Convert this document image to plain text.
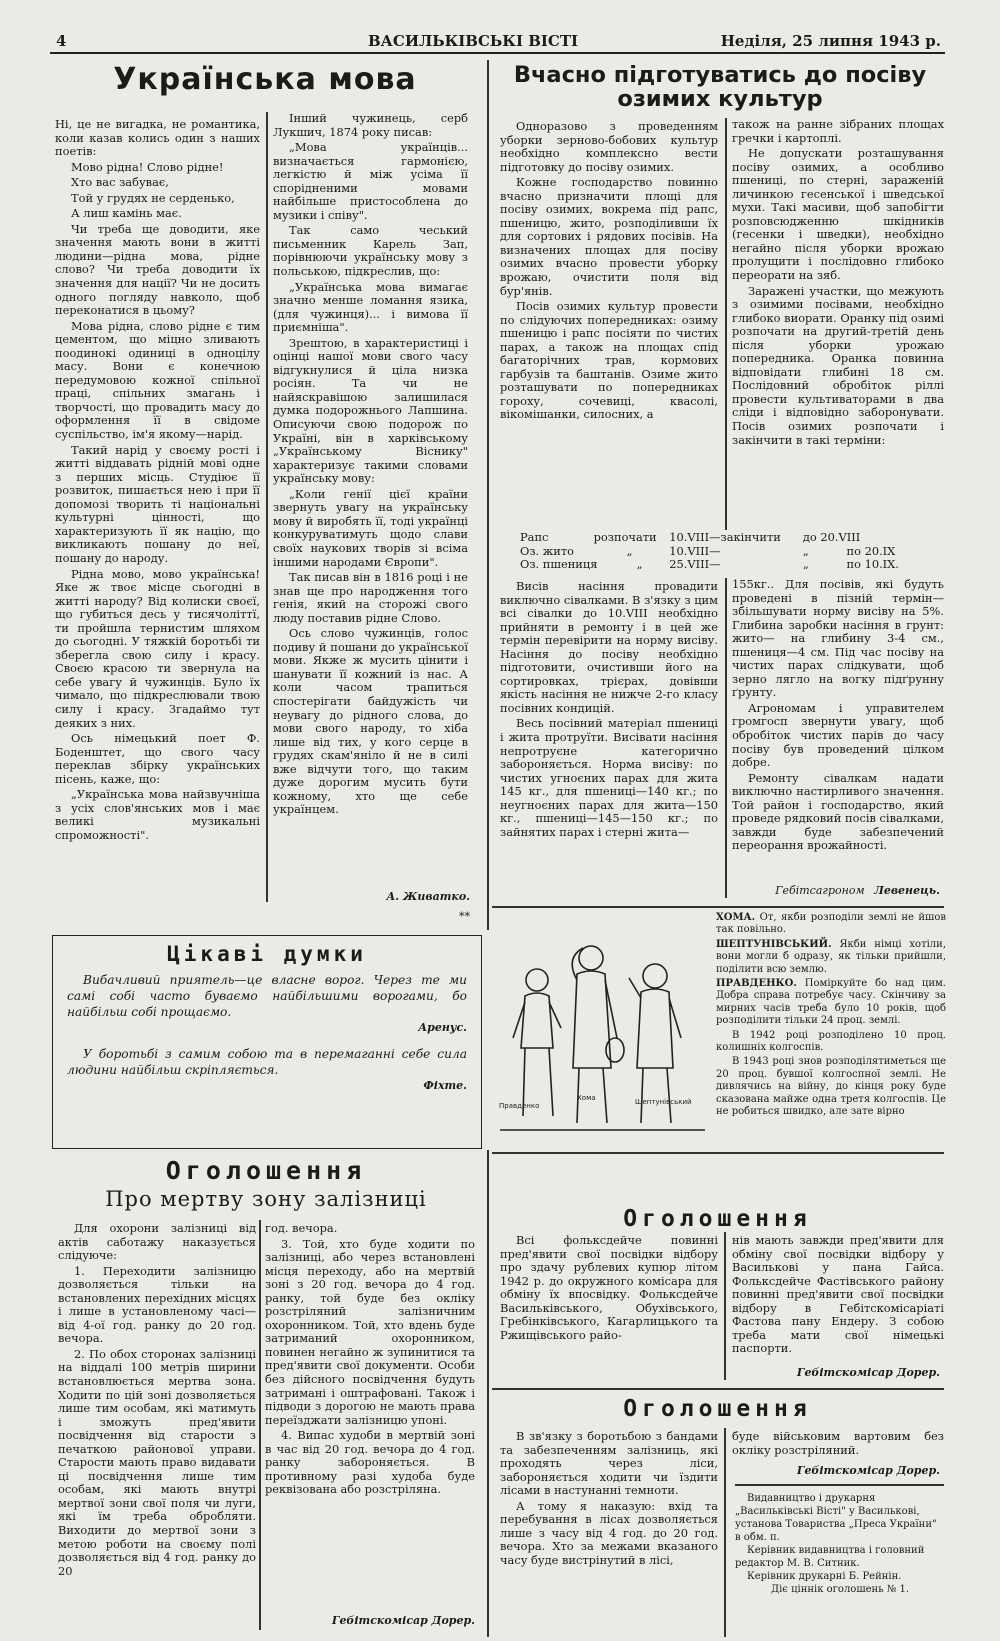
4	ВАСИЛЬКІВСЬКІ ВІСТІ	Неділя, 25 липня 1943 р.
Українська мова

Ні, це не вигадка, не романтика, коли казав колись один з наших поетів:

Мово рідна! Слово рідне!

Хто вас забуває,

Той у грудях не серденько,

А лиш камінь має.

Чи треба ще доводити, яке значення мають вони в житті людини—рідна мова, рідне слово? Чи треба доводити їх значення для нації? Чи не досить одного погляду навколо, щоб переконатися в цьому?

Мова рідна, слово рідне є тим цементом, що міцно зливають поодинокі одиниці в одноцілу масу. Вони є конечною передумовою кожної спільної праці, спільних змагань і творчості, що провадить масу до оформлення її в свідоме суспільство, ім'я якому—нарід.

Такий нарід у своєму рості і житті віддавать рідній мові одне з перших місць. Студіює її розвиток, пишається нею і при її допомозі творить ті національні культурні цінності, що характеризують її як націю, що викликають пошану до неї, пошану до народу.

Рідна мово, мово українська! Яке ж твоє місце сьогодні в житті народу? Від колиски своєї, що губиться десь у тисячоліттї, ти пройшла тернистим шляхом до сьогодні. У тяжкій боротьбі ти зберегла свою силу і красу. Своєю красою ти звернула на себе увагу й чужинців. Було їх чимало, що підкреслювали твою силу і красу. Згадаймо тут деяких з них.

Ось німецький поет Ф. Боденштет, що свого часу переклав збірку українських пісень, каже, що:

„Українська мова найзвучніша з усіх слов'янських мов і має великі музикальні спроможності".

Інший чужинець, серб Лукшич, 1874 року писав:

„Мова українців... визначається гармонією, легкістю й між усіма її спорідненими мовами найбільше пристособлена до музики і співу".

Так само чеський письменник Карель Зап, порівнюючи українську мову з польською, підкреслив, що:

„Українська мова вимагає значно менше ломання язика, (для чужинця)... і вимова її приємніша".

Зрештою, в характеристиці і оцінці нашої мови свого часу відгукнулися й ціла низка росіян. Та чи не найяскравішою залишилася думка подорожнього Лапшина. Описуючи свою подорож по Україні, він в харківському „Українському Віснику" характеризує такими словами українську мову:

„Коли генії цієї країни звернуть увагу на українську мову й виробять її, тоді українці конкуруватимуть щодо слави своїх наукових творів зі всіма іншими народами Європи".

Так писав він в 1816 році і не знав ще про народження того генія, який на сторожі свого люду поставив рідне Слово.

Ось слово чужинців, голос подиву й пошани до української мови. Якже ж мусить цінити і шанувати її кожний із нас. А коли часом трапиться спостерігати байдужість чи неувагу до рідного слова, до мови свого народу, то хіба лише від тих, у кого серце в грудях скам'яніло й не в силі вже відчути того, що таким дуже дорогим мусить бути кожному, хто ще себе українцем.

А. Живатко.
**
Вчасно підготуватись до посіву озимих культур

Одноразово з проведенням уборки зерново-бобових культур необхідно комплексно вести підготовку до посіву озимих.

Кожне господарство повинно вчасно призначити площі для посіву озимих, вокрема під рапс, пшеницю, жито, розподіливши їх для сортових і рядових посівів. На визначених площах для посіву озимих вчасно провести уборку врожаю, очистити поля від бур'янів.

Посів озимих культур провести по слідуючих попередниках: озиму пшеницю і рапс посіяти по чистих парах, а також на площах спід багаторічних трав, кормових гарбузів та баштанів. Озиме жито розташувати по попередниках гороху, сочевиці, квасолі, вікомішанки, силосних, а

також на ранне зібраних площах гречки і картоплі.

Не допускати розташування посіву озимих, а особливо пшениці, по стерні, зараженій личинкою гесенської і шведської мухи. Такі масиви, щоб запобігти розповсюдженню шкідників (гесенки і шведки), необхідно негайно після уборки врожаю пролущити і послідовно глибоко переорати на зяб.

Заражені участки, що межують з озимими посівами, необхідно глибоко виорати. Оранку під озимі розпочати на другий-третій день після уборки урожаю попередника. Оранка повинна відповідати глибині 18 см. Послідовний обробіток ріллі провести культиваторами в два сліди і відповідно заборонувати. Посів озимих розпочати і закінчити в такі терміни:

Рапс	розпочати 10.VIII—закінчити до 20.VIII
Оз. жито	„	10.VIII—	„	по 20.IX
Оз. пшениця	„ 25.VIII—	„	по 10.IX.

Висів насіння провадити виключно сівалками. В з'язку з цим всі сівалки до 10.VIII необхідно прийняти в ремонту і в цей же термін перевірити на норму висіву. Насіння до посіву необхідно підготовити, очистивши його на сортировках, трієрах, довівши якість насіння не нижче 2-го класу посівних кондицій.

Весь посівний матеріал пшениці і жита протруїти. Висівати насіння непротруєне категорично забороняється. Норма висіву: по чистих угноєних парах для жита 145 кг., для пшениці—140 кг.; по неугноєних парах для жита—150 кг., пшениці—145—150 кг.; по зайнятих парах і стерні жита—

155кг.. Для посівів, які будуть проведені в пізній термін—збільшувати норму висіву на 5%. Глибина заробки насіння в грунт: жито— на глибину 3-4 см., пшениця—4 см. Під час посіву на чистих парах слідкувати, щоб зерно лягло на вогку підґрунну ґрунту.

Агрономам і управителем громгосп звернути увагу, щоб обробіток чистих парів до часу посіву був проведений цілком добре.

Ремонту сівалкам надати виключно настирливого значення. Той район і господарство, який проведе рядковий посів сівалками, завжди буде забезпечений переорання врожайності.

Гебітсагроном Левенець.
Правденко
Хома	Шептунівський

ХОМА. От, якби розподіли землі не йшов так повільно.

ШЕПТУНІВСЬКИЙ. Якби німці хотіли, вони могли б одразу, як тільки прийшли, поділити всю землю.

ПРАВДЕНКО. Поміркуйте бо над цим. Добра справа потребує часу. Скінчиву за мирних часів треба було 10 років, щоб розподілити тільки 24 проц. землі.

В 1942 році розподілено 10 проц. колишніх колгоспів.

В 1943 році знов розподілятиметься ще 20 проц. бувшої колгоспної землі. Не дивлячись на війну, до кінця року буде сказована майже одна третя колгоспів. Це не робиться швидко, але зате вірно

Цікаві думки

Вибачливий приятель—це власне ворог. Через те ми самі собі часто буваємо найбільшими ворогами, бо найбільш собі прощаємо.

Аренус.

У боротьбі з самим собою та в перемаганні себе сила людини найбільш скріпляється.

Фіхте.

Оголошення
Про мертву зону залізниці

Для охорони залізниці від актів саботажу наказується слідуюче:

1. Переходити залізницю дозволяється тільки на встановлених перехідних місцях і лише в установленому часі—від 4-ої год. ранку до 20 год. вечора.

2. По обох сторонах залізниці на віддалі 100 метрів ширини встановлюється мертва зона. Ходити по цій зоні дозволяється лише тим особам, які матимуть і зможуть пред'явити посвідчення від старости з печаткою районової управи. Старости мають право видавати ці посвідчення лише тим особам, які мають внутрі мертвої зони свої поля чи луги, які їм треба обробляти. Виходити до мертвої зони з метою роботи на своєму полі дозволяється від 4 год. ранку до 20

год. вечора.

3. Той, хто буде ходити по залізниці, або через встановлені місця переходу, або на мертвій зоні з 20 год. вечора до 4 год. ранку, той буде без окліку розстріляний залізничним охоронником. Той, хто вдень буде затриманий охоронником, повинен негайно ж зупинитися та пред'явити свої документи. Особи без дійсного посвідчення будуть затримані і оштрафовані. Також і підводи з дорогою не мають права переїзджати залізницю упоні.

4. Випас худоби в мертвій зоні в час від 20 год. вечора до 4 год. ранку забороняється. В противному разі худоба буде реквізована або розстріляна.

Гебітскомісар Дорер.
Оголошення

Всі фольксдейче повинні пред'явити свої посвідки відбору про здачу рублевих купюр літом 1942 р. до окружного комісара для обміну їх впосвідку. Фольксдейче Васильківського, Обухівського, Гребінківського, Кагарлицького та Ржищівського райо-

нів мають завжди пред'явити для обміну свої посвідки відбору у Василькові у пана Гайса. Фольксдейче Фастівського району повинні пред'явити свої посвідки відбору в Гебітскомісаріаті Фастова пану Ендеру. З собою треба мати свої німецькі паспорти.

Гебітскомісар Дорер.
Оголошення

В зв'язку з боротьбою з бандами та забезпеченням залізниць, які проходять через ліси, забороняється ходити чи їздити лісами в настунанні темноти.

А тому я наказую: вхід та перебування в лісах дозволяється лише з часу від 4 год. до 20 год. вечора. Хто за межами вказаного часу буде вистрінутий в лісі,

буде військовим вартовим без окліку розстріляний.

Гебітскомісар Дорер.
Видавництво і друкарня „Васильківські Вісті" у Василькові, установа Товариства „Преса України" в обм. п.
Керівник видавництва і головний редактор М. В. Ситник.
Керівник друкарні Б. Рейнін.
Діє ціннік оголошень № 1.
